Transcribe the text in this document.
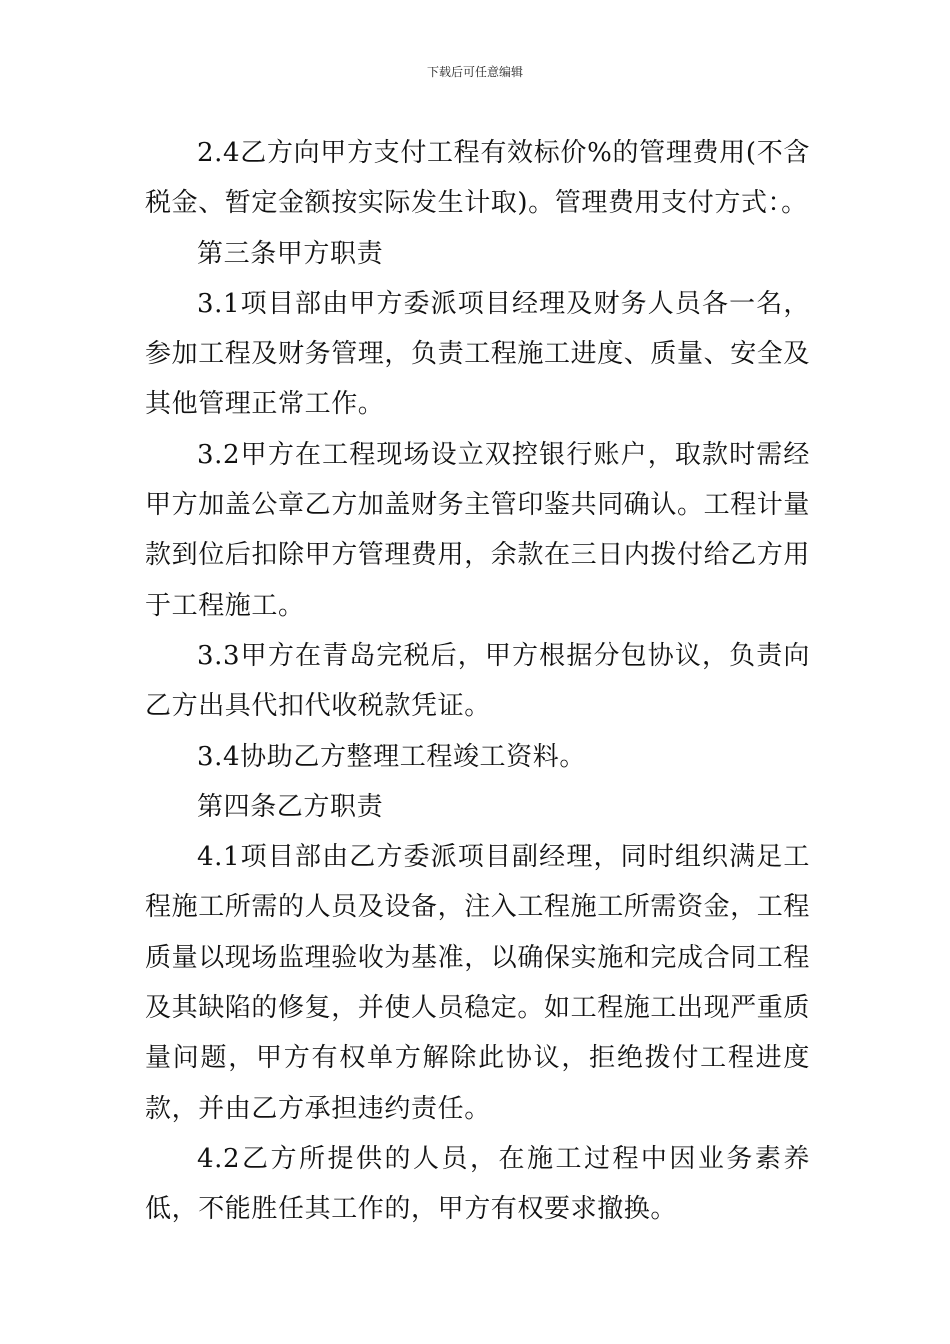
下载后可任意编辑

2.4乙方向甲方支付工程有效标价%的管理费用(不含税金、暂定金额按实际发生计取)。管理费用支付方式：。

第三条甲方职责

3.1项目部由甲方委派项目经理及财务人员各一名，参加工程及财务管理，负责工程施工进度、质量、安全及其他管理正常工作。

3.2甲方在工程现场设立双控银行账户，取款时需经甲方加盖公章乙方加盖财务主管印鉴共同确认。工程计量款到位后扣除甲方管理费用，余款在三日内拨付给乙方用于工程施工。

3.3甲方在青岛完税后，甲方根据分包协议，负责向乙方出具代扣代收税款凭证。

3.4协助乙方整理工程竣工资料。

第四条乙方职责

4.1项目部由乙方委派项目副经理，同时组织满足工程施工所需的人员及设备，注入工程施工所需资金，工程质量以现场监理验收为基准，以确保实施和完成合同工程及其缺陷的修复，并使人员稳定。如工程施工出现严重质量问题，甲方有权单方解除此协议，拒绝拨付工程进度款，并由乙方承担违约责任。

4.2乙方所提供的人员，在施工过程中因业务素养低，不能胜任其工作的，甲方有权要求撤换。
